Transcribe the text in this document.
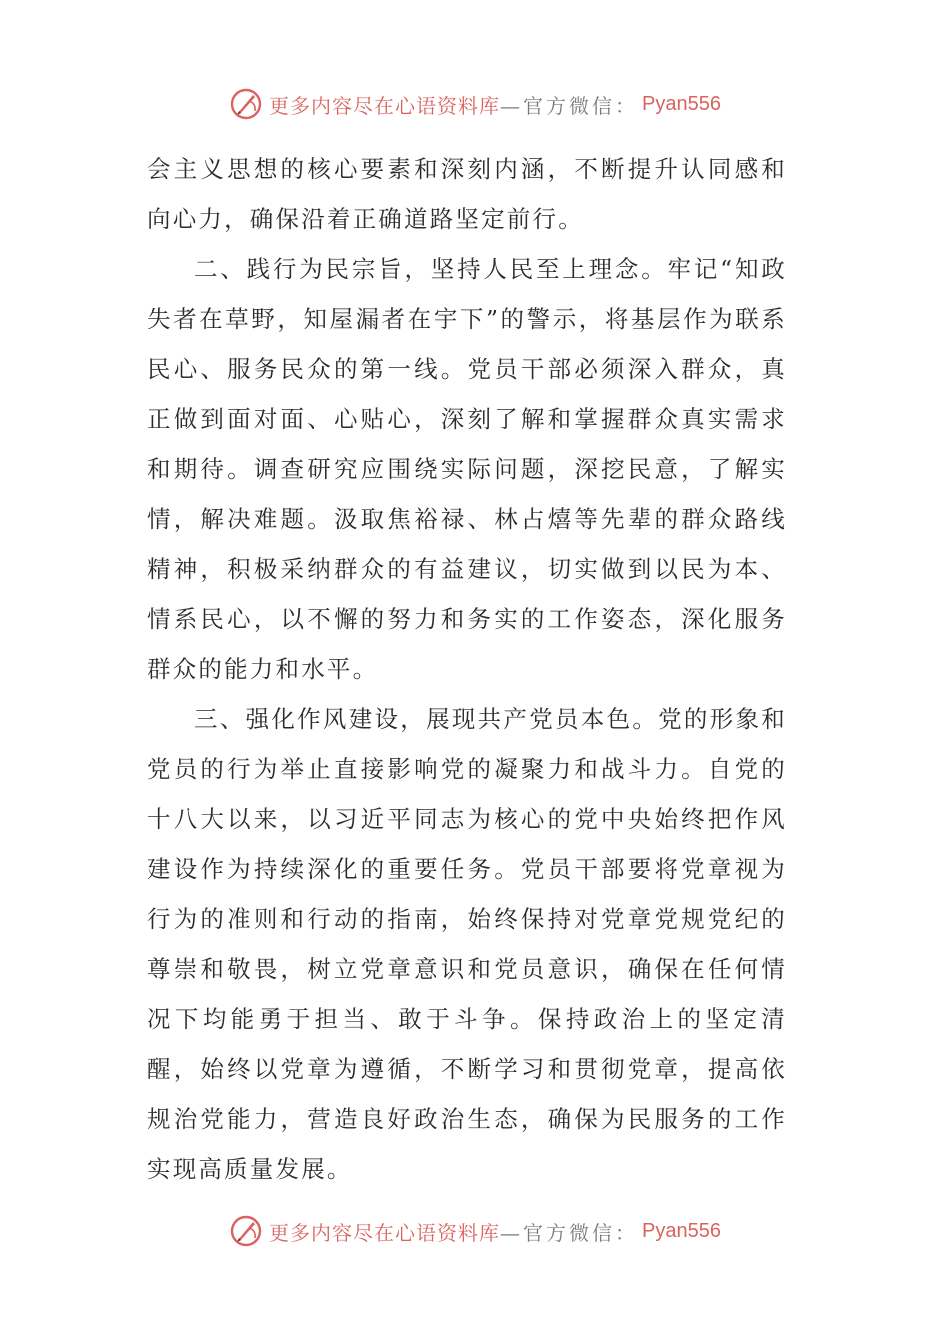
更多内容尽在心语资料库 —官方微信： Pyan556

会主义思想的核心要素和深刻内涵，不断提升认同感和向心力，确保沿着正确道路坚定前行。

二、践行为民宗旨，坚持人民至上理念。牢记“知政失者在草野，知屋漏者在宇下”的警示，将基层作为联系民心、服务民众的第一线。党员干部必须深入群众，真正做到面对面、心贴心，深刻了解和掌握群众真实需求和期待。调查研究应围绕实际问题，深挖民意，了解实情，解决难题。汲取焦裕禄、林占熺等先辈的群众路线精神，积极采纳群众的有益建议，切实做到以民为本、情系民心，以不懈的努力和务实的工作姿态，深化服务群众的能力和水平。

三、强化作风建设，展现共产党员本色。党的形象和党员的行为举止直接影响党的凝聚力和战斗力。自党的十八大以来，以习近平同志为核心的党中央始终把作风建设作为持续深化的重要任务。党员干部要将党章视为行为的准则和行动的指南，始终保持对党章党规党纪的尊崇和敬畏，树立党章意识和党员意识，确保在任何情况下均能勇于担当、敢于斗争。保持政治上的坚定清醒，始终以党章为遵循，不断学习和贯彻党章，提高依规治党能力，营造良好政治生态，确保为民服务的工作实现高质量发展。

更多内容尽在心语资料库 —官方微信： Pyan556
